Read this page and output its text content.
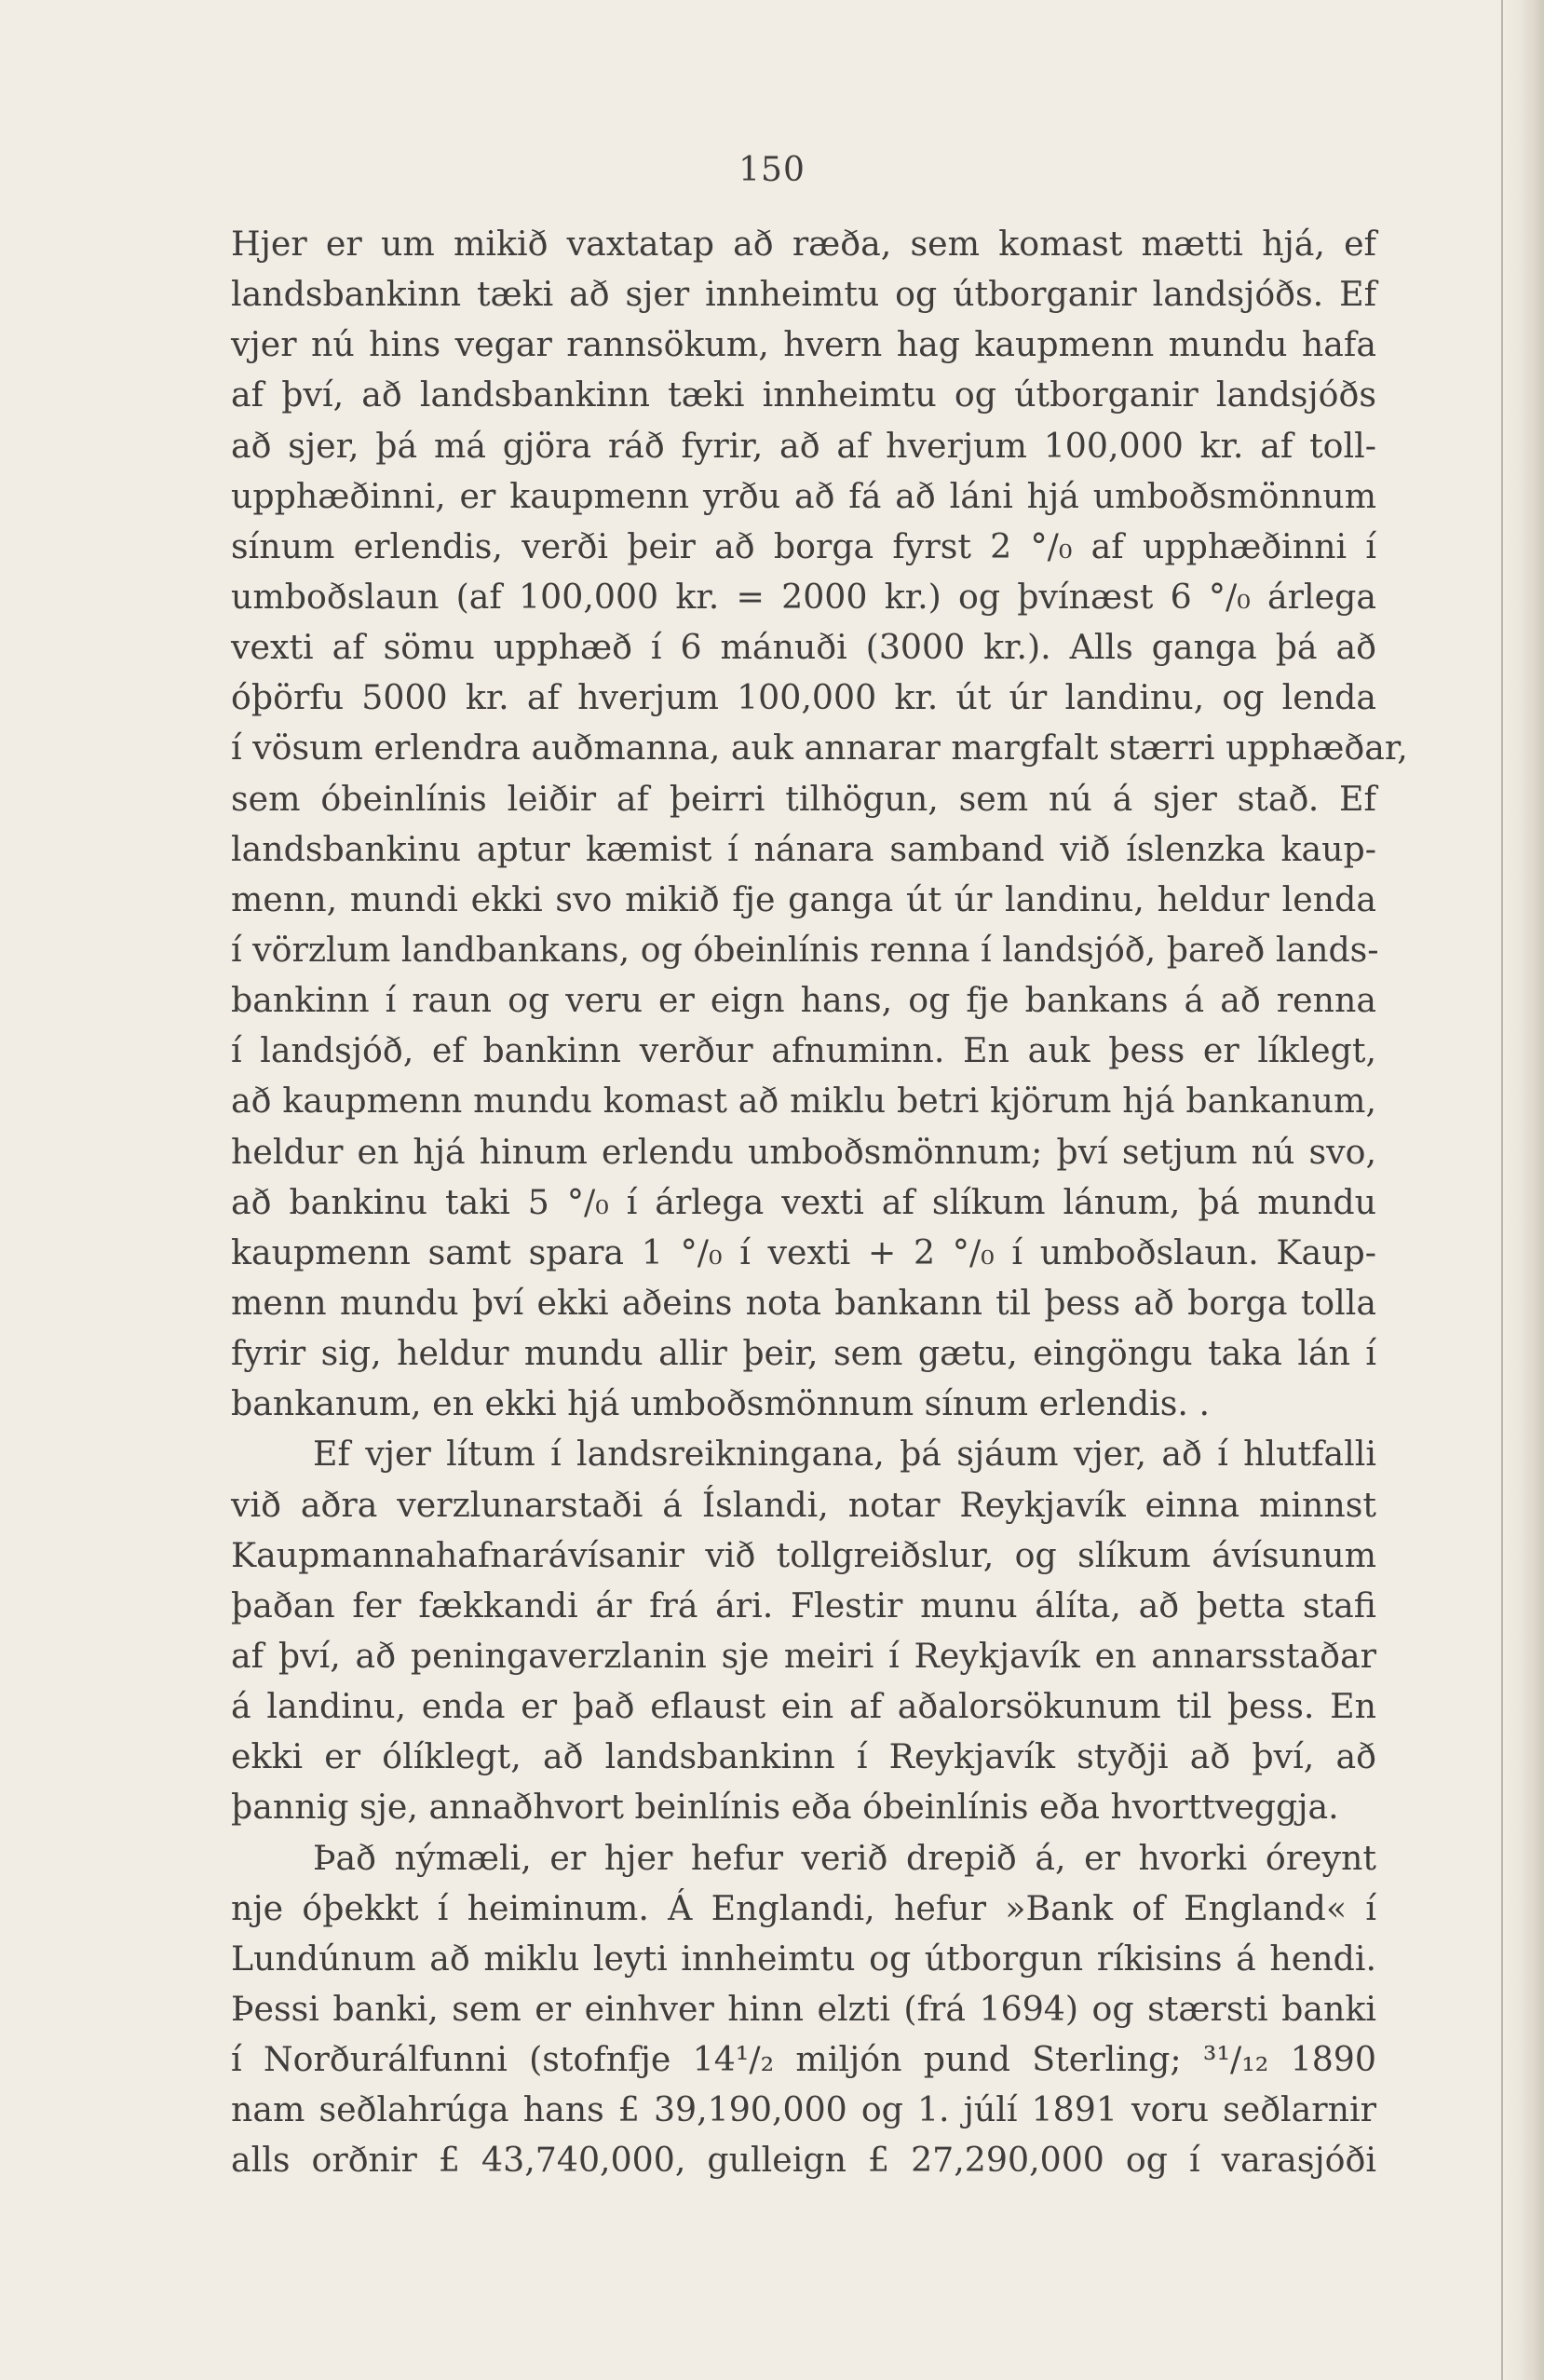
150
Hjer er um mikið vaxtatap að ræða, sem komast mætti hjá, ef
landsbankinn tæki að sjer innheimtu og útborganir landsjóðs. Ef
vjer nú hins vegar rannsökum, hvern hag kaupmenn mundu hafa
af því, að landsbankinn tæki innheimtu og útborganir landsjóðs
að sjer, þá má gjöra ráð fyrir, að af hverjum 100,000 kr. af toll-
upphæðinni, er kaupmenn yrðu að fá að láni hjá umboðsmönnum
sínum erlendis, verði þeir að borga fyrst 2 °/₀ af upphæðinni í
umboðslaun (af 100,000 kr. = 2000 kr.) og þvínæst 6 °/₀ árlega
vexti af sömu upphæð í 6 mánuði (3000 kr.). Alls ganga þá að
óþörfu 5000 kr. af hverjum 100,000 kr. út úr landinu, og lenda
í vösum erlendra auðmanna, auk annarar margfalt stærri upphæðar,
sem óbeinlínis leiðir af þeirri tilhögun, sem nú á sjer stað. Ef
landsbankinu aptur kæmist í nánara samband við íslenzka kaup-
menn, mundi ekki svo mikið fje ganga út úr landinu, heldur lenda
í vörzlum landbankans, og óbeinlínis renna í landsjóð, þareð lands-
bankinn í raun og veru er eign hans, og fje bankans á að renna
í landsjóð, ef bankinn verður afnuminn. En auk þess er líklegt,
að kaupmenn mundu komast að miklu betri kjörum hjá bankanum,
heldur en hjá hinum erlendu umboðsmönnum; því setjum nú svo,
að bankinu taki 5 °/₀ í árlega vexti af slíkum lánum, þá mundu
kaupmenn samt spara 1 °/₀ í vexti + 2 °/₀ í umboðslaun. Kaup-
menn mundu því ekki aðeins nota bankann til þess að borga tolla
fyrir sig, heldur mundu allir þeir, sem gætu, eingöngu taka lán í
bankanum, en ekki hjá umboðsmönnum sínum erlendis. .
Ef vjer lítum í landsreikningana, þá sjáum vjer, að í hlutfalli
við aðra verzlunarstaði á Íslandi, notar Reykjavík einna minnst
Kaupmannahafnarávísanir við tollgreiðslur, og slíkum ávísunum
þaðan fer fækkandi ár frá ári. Flestir munu álíta, að þetta stafi
af því, að peningaverzlanin sje meiri í Reykjavík en annarsstaðar
á landinu, enda er það eflaust ein af aðalorsökunum til þess. En
ekki er ólíklegt, að landsbankinn í Reykjavík styðji að því, að
þannig sje, annaðhvort beinlínis eða óbeinlínis eða hvorttveggja.
Það nýmæli, er hjer hefur verið drepið á, er hvorki óreynt
nje óþekkt í heiminum. Á Englandi, hefur »Bank of England« í
Lundúnum að miklu leyti innheimtu og útborgun ríkisins á hendi.
Þessi banki, sem er einhver hinn elzti (frá 1694) og stærsti banki
í Norðurálfunni (stofnfje 14¹/₂ miljón pund Sterling; ³¹/₁₂ 1890
nam seðlahrúga hans £ 39,190,000 og 1. júlí 1891 voru seðlarnir
alls orðnir £ 43,740,000, gulleign £ 27,290,000 og í varasjóði
